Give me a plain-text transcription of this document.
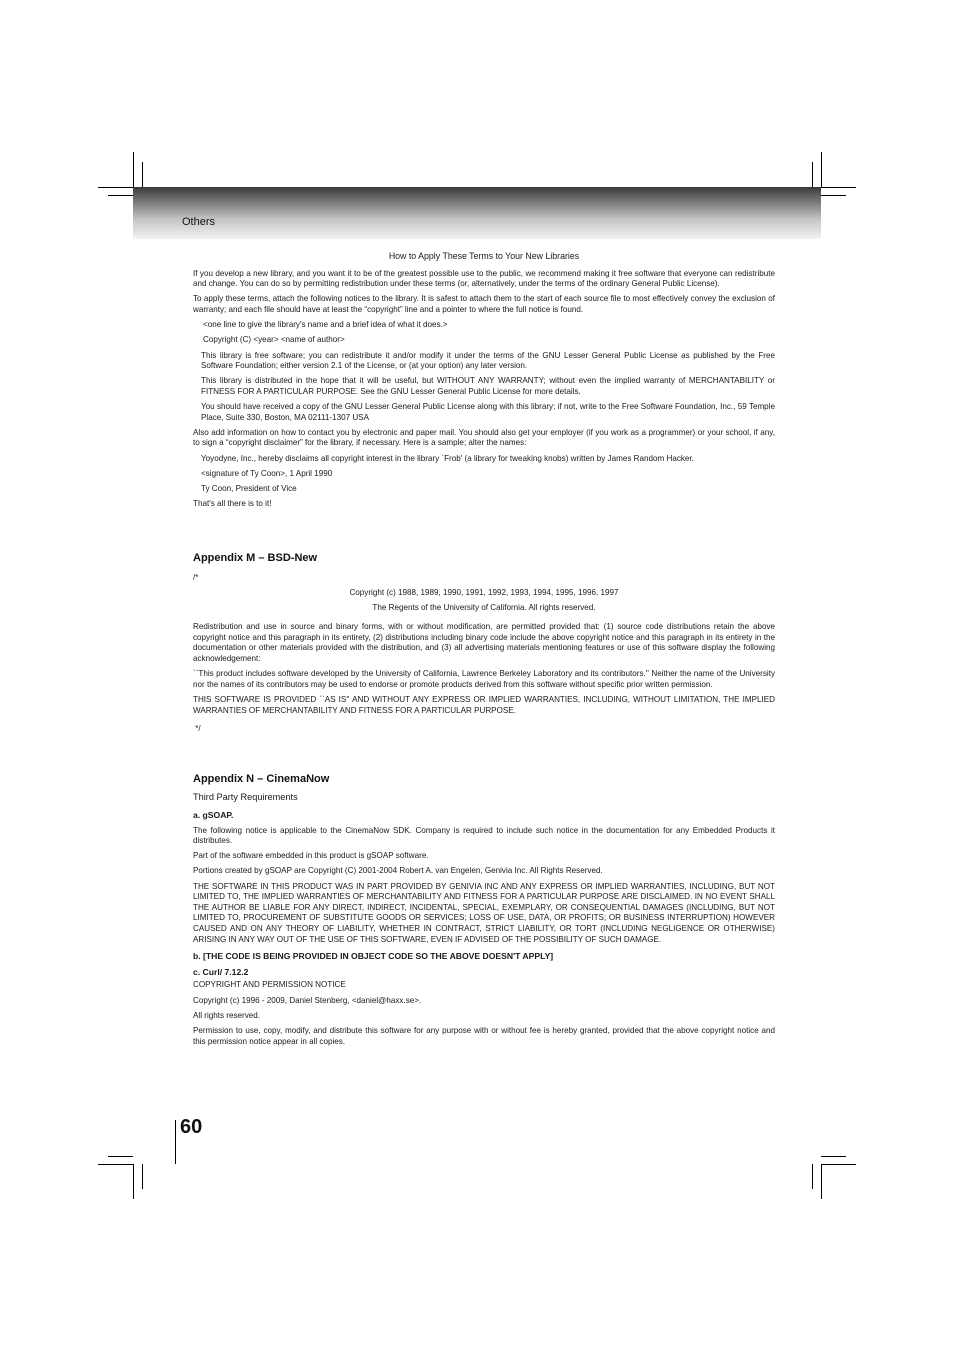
Others

How to Apply These Terms to Your New Libraries

If you develop a new library, and you want it to be of the greatest possible use to the public, we recommend making it free software that everyone can redistribute and change. You can do so by permitting redistribution under these terms (or, alternatively, under the terms of the ordinary General Public License).

To apply these terms, attach the following notices to the library. It is safest to attach them to the start of each source file to most effectively convey the exclusion of warranty; and each file should have at least the “copyright” line and a pointer to where the full notice is found.

<one line to give the library's name and a brief idea of what it does.>

Copyright (C) <year> <name of author>

This library is free software; you can redistribute it and/or modify it under the terms of the GNU Lesser General Public License as published by the Free Software Foundation; either version 2.1 of the License, or (at your option) any later version.

This library is distributed in the hope that it will be useful, but WITHOUT ANY WARRANTY; without even the implied warranty of MERCHANTABILITY or FITNESS FOR A PARTICULAR PURPOSE. See the GNU Lesser General Public License for more details.

You should have received a copy of the GNU Lesser General Public License along with this library; if not, write to the Free Software Foundation, Inc., 59 Temple Place, Suite 330, Boston, MA 02111-1307 USA

Also add information on how to contact you by electronic and paper mail. You should also get your employer (if you work as a programmer) or your school, if any, to sign a “copyright disclaimer” for the library, if necessary. Here is a sample; alter the names:

Yoyodyne, Inc., hereby disclaims all copyright interest in the library `Frob' (a library for tweaking knobs) written by James Random Hacker.

<signature of Ty Coon>, 1 April 1990

Ty Coon, President of Vice

That's all there is to it!

Appendix M – BSD-New

/*

Copyright (c) 1988, 1989, 1990, 1991, 1992, 1993, 1994, 1995, 1996, 1997

The Regents of the University of California. All rights reserved.

Redistribution and use in source and binary forms, with or without modification, are permitted provided that: (1) source code distributions retain the above copyright notice and this paragraph in its entirety, (2) distributions including binary code include the above copyright notice and this paragraph in its entirety in the documentation or other materials provided with the distribution, and (3) all advertising materials mentioning features or use of this software display the following acknowledgement:

``This product includes software developed by the University of California, Lawrence Berkeley Laboratory and its contributors.'' Neither the name of the University nor the names of its contributors may be used to endorse or promote products derived from this software without specific prior written permission.

THIS SOFTWARE IS PROVIDED ``AS IS'' AND WITHOUT ANY EXPRESS OR IMPLIED WARRANTIES, INCLUDING, WITHOUT LIMITATION, THE IMPLIED WARRANTIES OF MERCHANTABILITY AND FITNESS FOR A PARTICULAR PURPOSE.

*/

Appendix N – CinemaNow

Third Party Requirements

a. gSOAP.

The following notice is applicable to the CinemaNow SDK. Company is required to include such notice in the documentation for any Embedded Products it distributes.

Part of the software embedded in this product is gSOAP software.

Portions created by gSOAP are Copyright (C) 2001-2004 Robert A. van Engelen, Genivia Inc. All Rights Reserved.

THE SOFTWARE IN THIS PRODUCT WAS IN PART PROVIDED BY GENIVIA INC AND ANY EXPRESS OR IMPLIED WARRANTIES, INCLUDING, BUT NOT LIMITED TO, THE IMPLIED WARRANTIES OF MERCHANTABILITY AND FITNESS FOR A PARTICULAR PURPOSE ARE DISCLAIMED. IN NO EVENT SHALL THE AUTHOR BE LIABLE FOR ANY DIRECT, INDIRECT, INCIDENTAL, SPECIAL, EXEMPLARY, OR CONSEQUENTIAL DAMAGES (INCLUDING, BUT NOT LIMITED TO, PROCUREMENT OF SUBSTITUTE GOODS OR SERVICES; LOSS OF USE, DATA, OR PROFITS; OR BUSINESS INTERRUPTION) HOWEVER CAUSED AND ON ANY THEORY OF LIABILITY, WHETHER IN CONTRACT, STRICT LIABILITY, OR TORT (INCLUDING NEGLIGENCE OR OTHERWISE) ARISING IN ANY WAY OUT OF THE USE OF THIS SOFTWARE, EVEN IF ADVISED OF THE POSSIBILITY OF SUCH DAMAGE.

b. [THE CODE IS BEING PROVIDED IN OBJECT CODE SO THE ABOVE DOESN'T APPLY]

c. Curl/ 7.12.2

COPYRIGHT AND PERMISSION NOTICE

Copyright (c) 1996 - 2009, Daniel Stenberg, <daniel@haxx.se>.

All rights reserved.

Permission to use, copy, modify, and distribute this software for any purpose with or without fee is hereby granted, provided that the above copyright notice and this permission notice appear in all copies.

60
